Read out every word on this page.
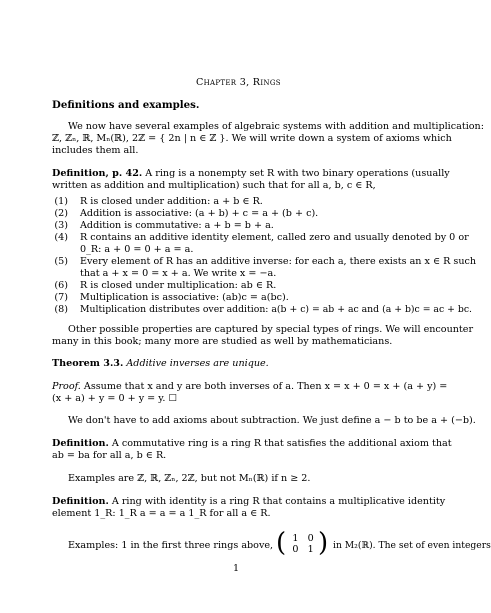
Chapter 3, Rings
Definitions and examples.
We now have several examples of algebraic systems with addition and multiplication:
ℤ, ℤₙ, ℝ, Mₙ(ℝ), 2ℤ = { 2n | n ∈ ℤ }. We will write down a system of axioms which
includes them all.
Definition, p. 42. A ring is a nonempty set R with two binary operations (usually
written as addition and multiplication) such that for all a, b, c ∈ R,
(1) R is closed under addition: a + b ∈ R.
(2) Addition is associative: (a + b) + c = a + (b + c).
(3) Addition is commutative: a + b = b + a.
(4) R contains an additive identity element, called zero and usually denoted by 0 or
0_R: a + 0 = 0 + a = a.
(5) Every element of R has an additive inverse: for each a, there exists an x ∈ R such
that a + x = 0 = x + a. We write x = −a.
(6) R is closed under multiplication: ab ∈ R.
(7) Multiplication is associative: (ab)c = a(bc).
(8) Multiplication distributes over addition: a(b + c) = ab + ac and (a + b)c = ac + bc.
Other possible properties are captured by special types of rings. We will encounter
many in this book; many more are studied as well by mathematicians.
Theorem 3.3. Additive inverses are unique.
Proof. Assume that x and y are both inverses of a. Then x = x + 0 = x + (a + y) =
(x + a) + y = 0 + y = y. ☐
We don't have to add axioms about subtraction. We just define a − b to be a + (−b).
Definition. A commutative ring is a ring R that satisfies the additional axiom that
ab = ba for all a, b ∈ R.
Examples are ℤ, ℝ, ℤₙ, 2ℤ, but not Mₙ(ℝ) if n ≥ 2.
Definition. A ring with identity is a ring R that contains a multiplicative identity
element 1_R: 1_R a = a = a 1_R for all a ∈ R.
Examples: 1 in the first three rings above, ( 1 0
0 1 ) in M₂(ℝ). The set of even integers
1
